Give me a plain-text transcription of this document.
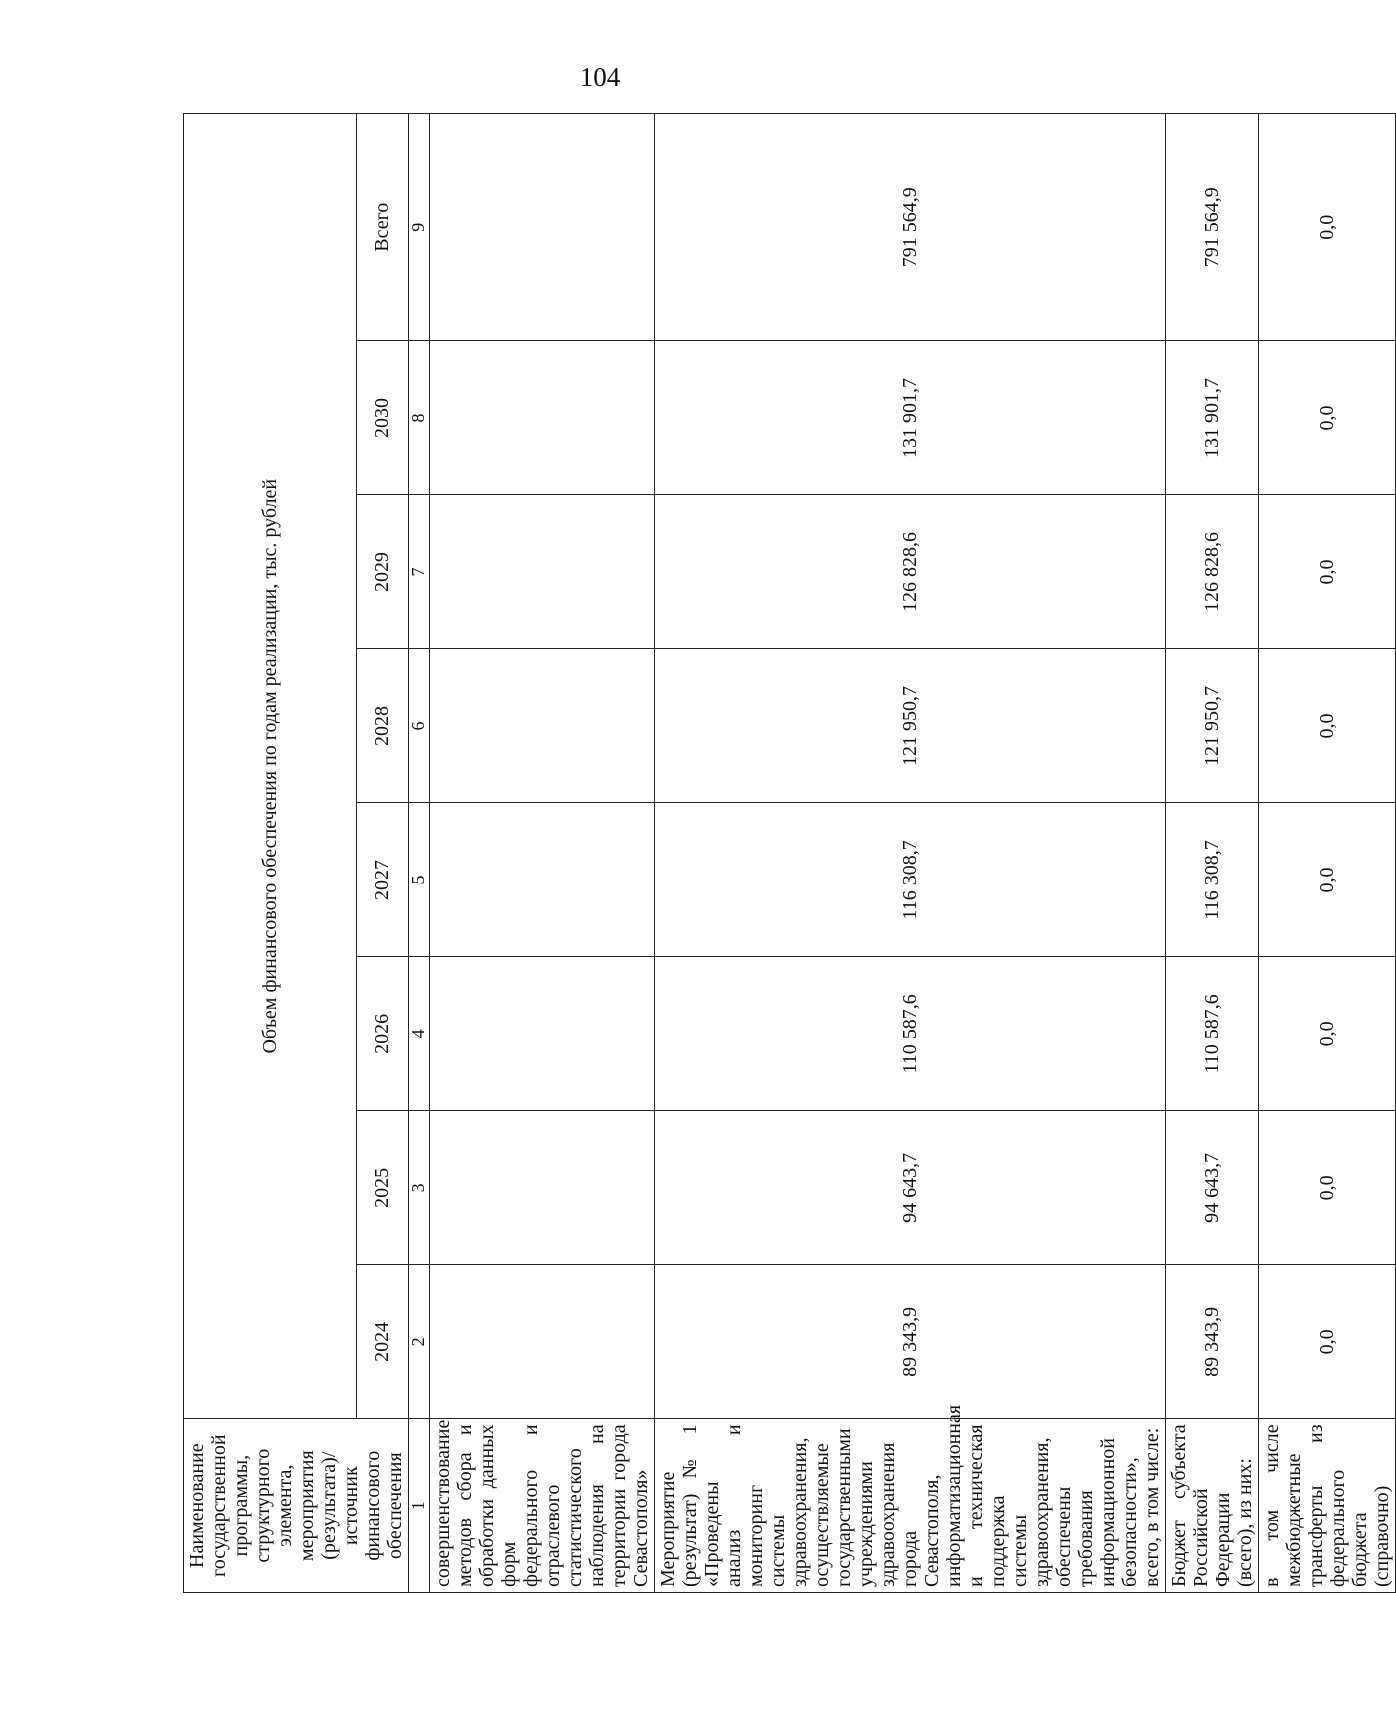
104
Наименование государственной программы, структурного элемента, мероприятия (результата)/источник финансового обеспечения	Объем финансового обеспечения по годам реализации, тыс. рублей							
	2024	2025	2026	2027	2028	2029	2030	Всего
1	2	3	4	5	6	7	8	9
совершенствование методов сбора и обработки данных форм федерального и отраслевого статистического наблюдения на территории города Севастополя»								
Мероприятие (результат) № 1 «Проведены анализ и мониторинг системы здравоохранения, осуществляемые государственными учреждениями здравоохранения города Севастополя, информатизационная и техническая поддержка системы здравоохранения, обеспечены требования информационной безопасности», всего, в том числе:	89 343,9	94 643,7	110 587,6	116 308,7	121 950,7	126 828,6	131 901,7	791 564,9
Бюджет субъекта Российской Федерации (всего), из них:	89 343,9	94 643,7	110 587,6	116 308,7	121 950,7	126 828,6	131 901,7	791 564,9
в том числе межбюджетные трансферты из федерального бюджета (справочно)	0,0	0,0	0,0	0,0	0,0	0,0	0,0	0,0
